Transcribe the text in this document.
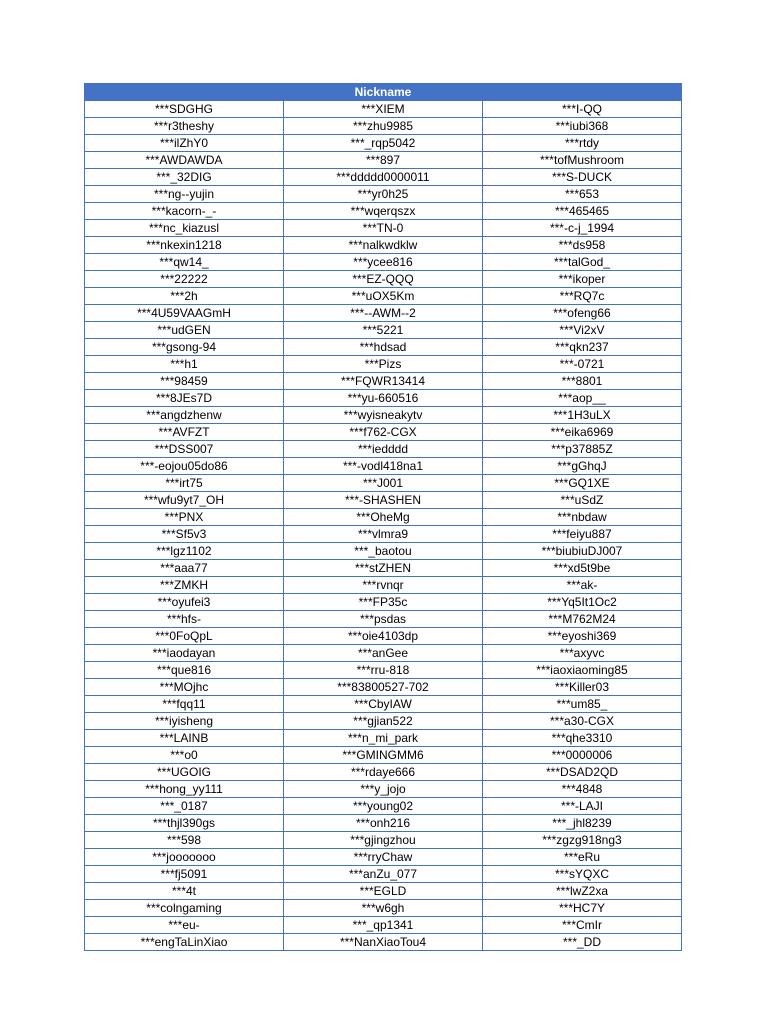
Nickname		
***SDGHG	***XIEM	***I-QQ
***r3theshy	***zhu9985	***iubi368
***ilZhY0	***_rqp5042	***rtdy
***AWDAWDA	***897	***tofMushroom
***_32DIG	***ddddd0000011	***S-DUCK
***ng--yujin	***yr0h25	***653
***kacorn-_-	***wqerqszx	***465465
***nc_kiazusl	***TN-0	***-c-j_1994
***nkexin1218	***nalkwdklw	***ds958
***qw14_	***ycee816	***talGod_
***22222	***EZ-QQQ	***ikoper
***2h	***uOX5Km	***RQ7c
***4U59VAAGmH	***--AWM--2	***ofeng66
***udGEN	***5221	***Vi2xV
***gsong-94	***hdsad	***qkn237
***h1	***Pizs	***-0721
***98459	***FQWR13414	***8801
***8JEs7D	***yu-660516	***aop__
***angdzhenw	***wyisneakytv	***1H3uLX
***AVFZT	***f762-CGX	***eika6969
***DSS007	***iedddd	***p37885Z
***-eojou05do86	***-vodl418na1	***gGhqJ
***irt75	***J001	***GQ1XE
***wfu9yt7_OH	***-SHASHEN	***uSdZ
***PNX	***OheMg	***nbdaw
***Sf5v3	***vlmra9	***feiyu887
***lgz1102	***_baotou	***biubiuDJ007
***aaa77	***stZHEN	***xd5t9be
***ZMKH	***rvnqr	***ak-
***oyufei3	***FP35c	***Yq5It1Oc2
***hfs-	***psdas	***M762M24
***0FoQpL	***oie4103dp	***eyoshi369
***iaodayan	***anGee	***axyvc
***que816	***rru-818	***iaoxiaoming85
***MOjhc	***83800527-702	***Killer03
***fqq11	***CbyIAW	***um85_
***iyisheng	***gjian522	***a30-CGX
***LAINB	***n_mi_park	***qhe3310
***o0	***GMINGMM6	***0000006
***UGOIG	***rdaye666	***DSAD2QD
***hong_yy111	***y_jojo	***4848
***_0187	***young02	***-LAJI
***thjl390gs	***onh216	***_jhl8239
***598	***gjingzhou	***zgzg918ng3
***jooooooo	***rryChaw	***eRu
***fj5091	***anZu_077	***sYQXC
***4t	***EGLD	***lwZ2xa
***colngaming	***w6gh	***HC7Y
***eu-	***_qp1341	***CmIr
***engTaLinXiao	***NanXiaoTou4	***_DD
